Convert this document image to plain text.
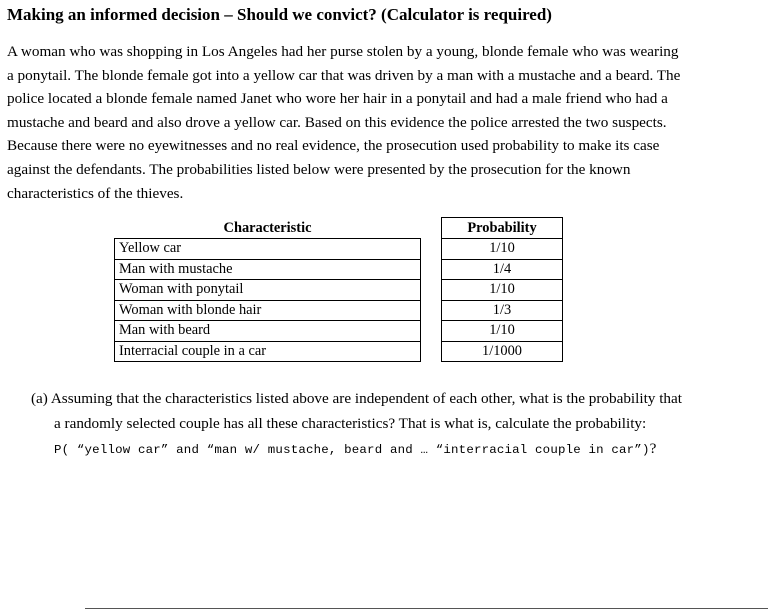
Making an informed decision – Should we convict? (Calculator is required)
A woman who was shopping in Los Angeles had her purse stolen by a young, blonde female who was wearing
a ponytail. The blonde female got into a yellow car that was driven by a man with a mustache and a beard. The
police located a blonde female named Janet who wore her hair in a ponytail and had a male friend who had a
mustache and beard and also drove a yellow car. Based on this evidence the police arrested the two suspects.
Because there were no eyewitnesses and no real evidence, the prosecution used probability to make its case
against the defendants. The probabilities listed below were presented by the prosecution for the known
characteristics of the thieves.
Characteristic		Probability
Yellow car		1/10
Man with mustache		1/4
Woman with ponytail		1/10
Woman with blonde hair		1/3
Man with beard		1/10
Interracial couple in a car		1/1000
(a) Assuming that the characteristics listed above are independent of each other, what is the probability that
a randomly selected couple has all these characteristics? That is what is, calculate the probability:
P( “yellow car” and “man w/ mustache, beard and … “interracial couple in car”)?
